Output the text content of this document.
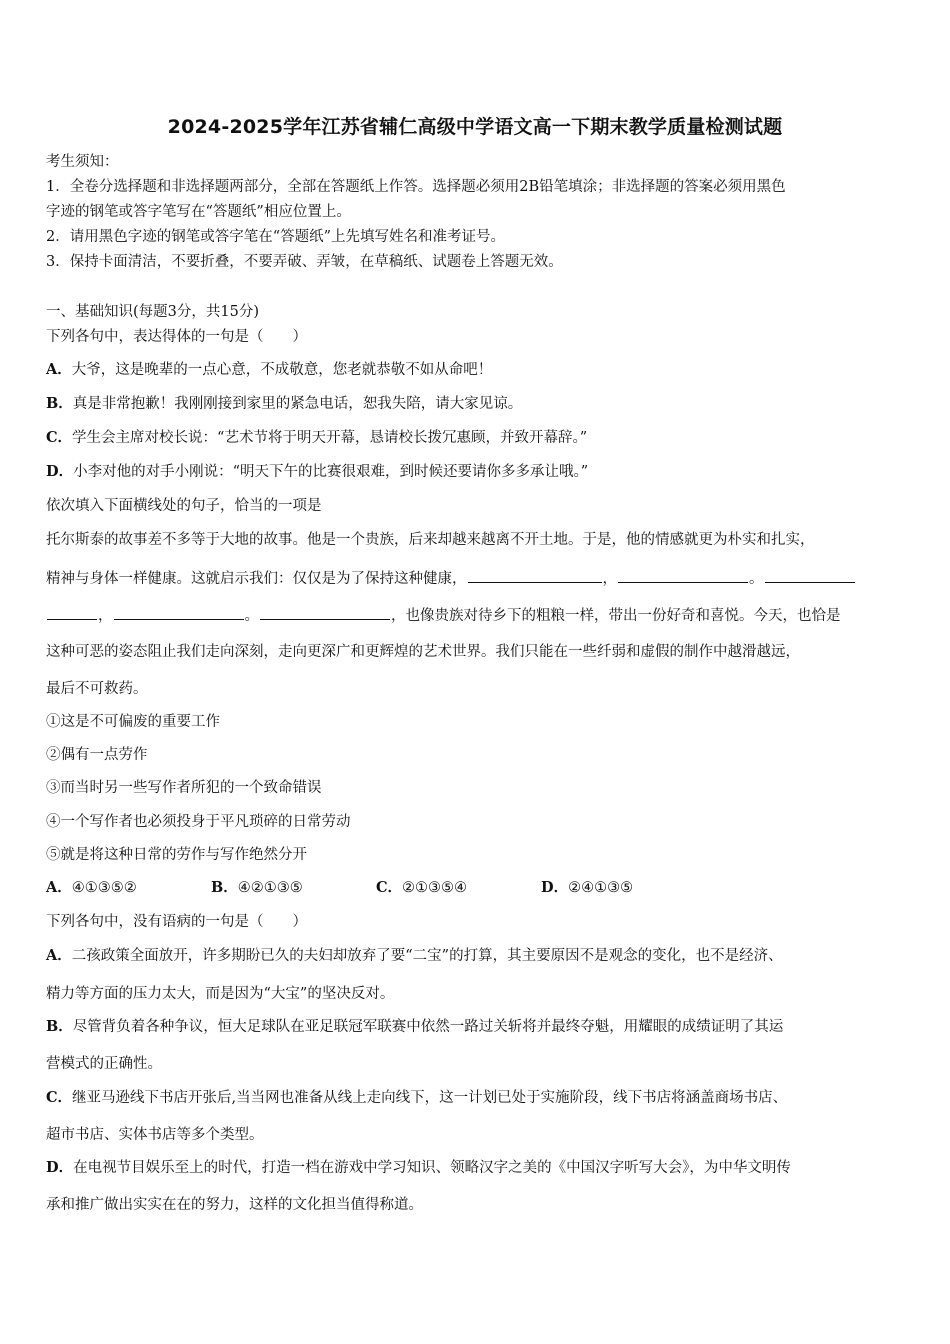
2024-2025学年江苏省辅仁高级中学语文高一下期末教学质量检测试题
考生须知：
1．全卷分选择题和非选择题两部分，全部在答题纸上作答。选择题必须用2B铅笔填涂；非选择题的答案必须用黑色
字迹的钢笔或答字笔写在“答题纸”相应位置上。
2．请用黑色字迹的钢笔或答字笔在“答题纸”上先填写姓名和准考证号。
3．保持卡面清洁，不要折叠，不要弄破、弄皱，在草稿纸、试题卷上答题无效。
一、基础知识(每题3分，共15分)
下列各句中，表达得体的一句是（　　）
A．大爷，这是晚辈的一点心意，不成敬意，您老就恭敬不如从命吧！
B．真是非常抱歉！我刚刚接到家里的紧急电话，恕我失陪，请大家见谅。
C．学生会主席对校长说：“艺术节将于明天开幕，恳请校长拨冗惠顾，并致开幕辞。”
D．小李对他的对手小刚说：“明天下午的比赛很艰难，到时候还要请你多多承让哦。”
依次填入下面横线处的句子，恰当的一项是
托尔斯泰的故事差不多等于大地的故事。他是一个贵族，后来却越来越离不开土地。于是，他的情感就更为朴实和扎实，
精神与身体一样健康。这就启示我们：仅仅是为了保持这种健康，	，	。
，	。	，也像贵族对待乡下的粗粮一样，带出一份好奇和喜悦。今天，也恰是
这种可恶的姿态阻止我们走向深刻，走向更深广和更辉煌的艺术世界。我们只能在一些纤弱和虚假的制作中越滑越远，
最后不可救药。
①这是不可偏废的重要工作
②偶有一点劳作
③而当时另一些写作者所犯的一个致命错误
④一个写作者也必须投身于平凡琐碎的日常劳动
⑤就是将这种日常的劳作与写作绝然分开
A．④①③⑤②	B．④②①③⑤	C．②①③⑤④	D．②④①③⑤
下列各句中，没有语病的一句是（　　）
A．二孩政策全面放开，许多期盼已久的夫妇却放弃了要“二宝”的打算，其主要原因不是观念的变化，也不是经济、
精力等方面的压力太大，而是因为“大宝”的坚决反对。
B．尽管背负着各种争议，恒大足球队在亚足联冠军联赛中依然一路过关斩将并最终夺魁，用耀眼的成绩证明了其运
营模式的正确性。
C．继亚马逊线下书店开张后,当当网也准备从线上走向线下，这一计划已处于实施阶段，线下书店将涵盖商场书店、
超市书店、实体书店等多个类型。
D．在电视节目娱乐至上的时代，打造一档在游戏中学习知识、领略汉字之美的《中国汉字听写大会》，为中华文明传
承和推广做出实实在在的努力，这样的文化担当值得称道。
